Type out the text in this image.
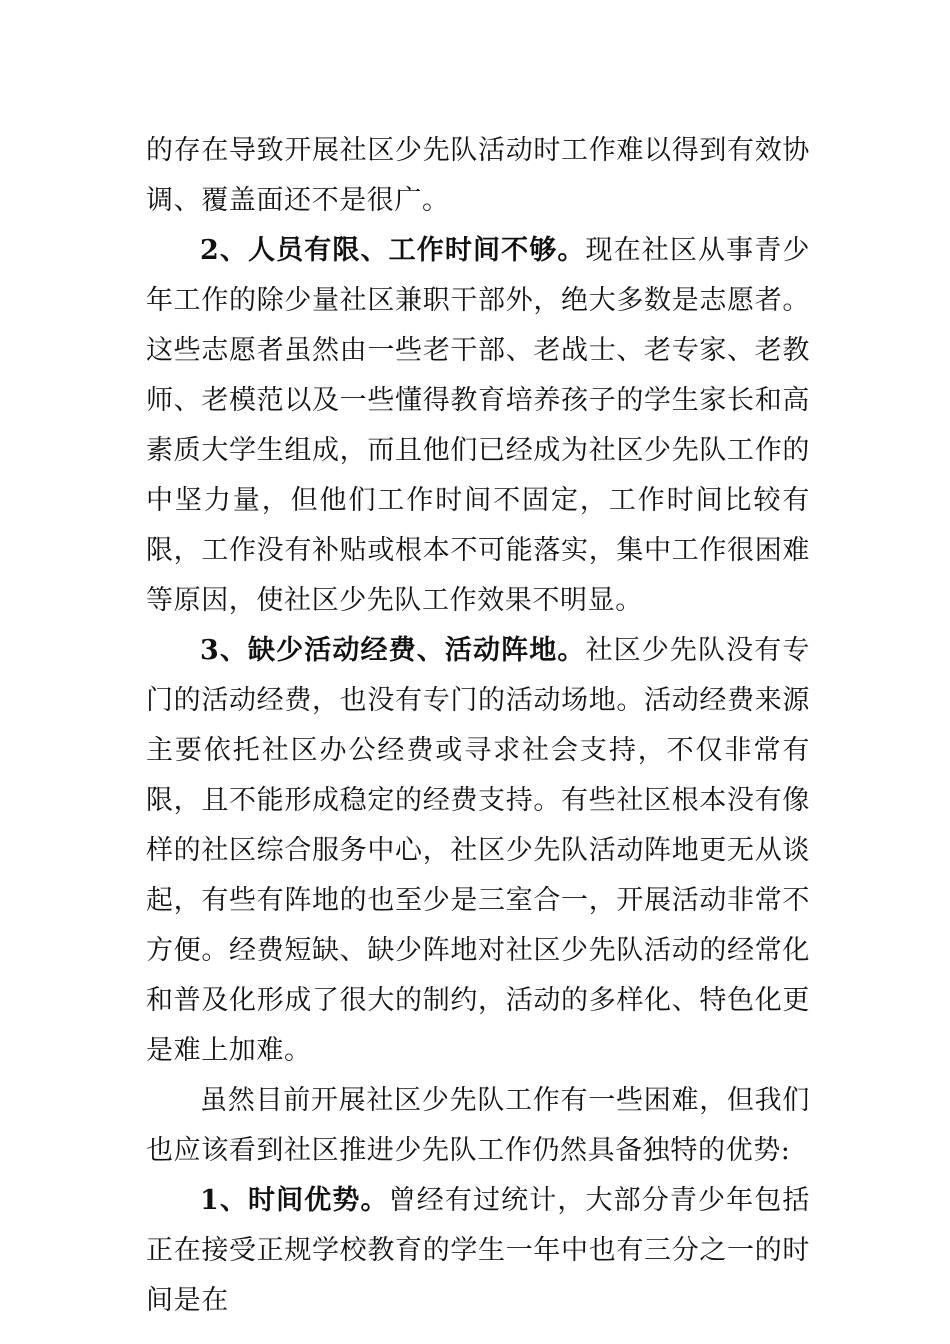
的存在导致开展社区少先队活动时工作难以得到有效协调、覆盖面还不是很广。

2、人员有限、工作时间不够。现在社区从事青少年工作的除少量社区兼职干部外，绝大多数是志愿者。这些志愿者虽然由一些老干部、老战士、老专家、老教师、老模范以及一些懂得教育培养孩子的学生家长和高素质大学生组成，而且他们已经成为社区少先队工作的中坚力量，但他们工作时间不固定，工作时间比较有限，工作没有补贴或根本不可能落实，集中工作很困难等原因，使社区少先队工作效果不明显。

3、缺少活动经费、活动阵地。社区少先队没有专门的活动经费，也没有专门的活动场地。活动经费来源主要依托社区办公经费或寻求社会支持，不仅非常有限，且不能形成稳定的经费支持。有些社区根本没有像样的社区综合服务中心，社区少先队活动阵地更无从谈起，有些有阵地的也至少是三室合一，开展活动非常不方便。经费短缺、缺少阵地对社区少先队活动的经常化和普及化形成了很大的制约，活动的多样化、特色化更是难上加难。

虽然目前开展社区少先队工作有一些困难，但我们也应该看到社区推进少先队工作仍然具备独特的优势:

1、时间优势。曾经有过统计，大部分青少年包括正在接受正规学校教育的学生一年中也有三分之一的时间是在
